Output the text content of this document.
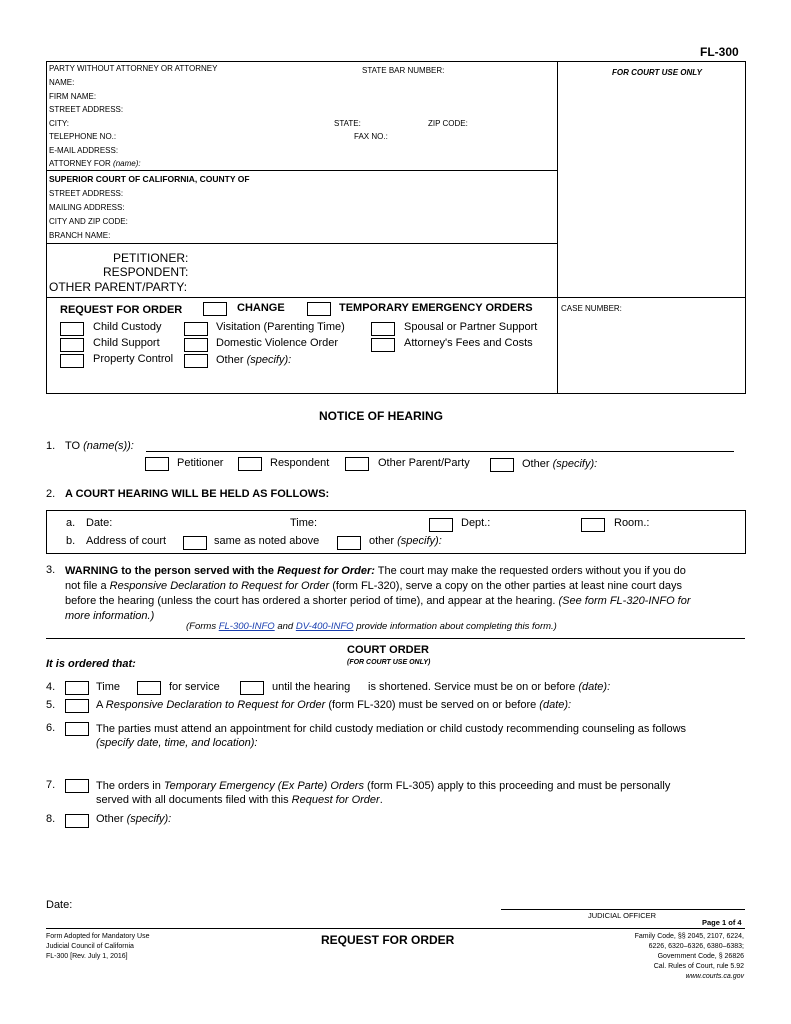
FL-300
PARTY WITHOUT ATTORNEY OR ATTORNEY	STATE BAR NUMBER:	FOR COURT USE ONLY
NAME:
FIRM NAME:
STREET ADDRESS:
CITY:	STATE:	ZIP CODE:
TELEPHONE NO.:	FAX NO.:
E-MAIL ADDRESS:
ATTORNEY FOR (name):
SUPERIOR COURT OF CALIFORNIA, COUNTY OF
STREET ADDRESS:
MAILING ADDRESS:
CITY AND ZIP CODE:
BRANCH NAME:
PETITIONER:
RESPONDENT:
OTHER PARENT/PARTY:
REQUEST FOR ORDER	CHANGE	TEMPORARY EMERGENCY ORDERS	CASE NUMBER:
Child Custody	Visitation (Parenting Time)	Spousal or Partner Support
Child Support	Domestic Violence Order	Attorney's Fees and Costs
Property Control	Other (specify):
NOTICE OF HEARING
1. TO (name(s)):
Petitioner	Respondent	Other Parent/Party	Other (specify):
2. A COURT HEARING WILL BE HELD AS FOLLOWS:
a. Date:	Time:	Dept.:	Room.:
b. Address of court	same as noted above	other (specify):
3. WARNING to the person served with the Request for Order: The court may make the requested orders without you if you do
not file a Responsive Declaration to Request for Order (form FL-320), serve a copy on the other parties at least nine court days
before the hearing (unless the court has ordered a shorter period of time), and appear at the hearing. (See form FL-320-INFO for
more information.)
(Forms FL-300-INFO and DV-400-INFO provide information about completing this form.)
COURT ORDER
(FOR COURT USE ONLY)
It is ordered that:
4.	Time	for service	until the hearing is shortened. Service must be on or before (date):
5.	A Responsive Declaration to Request for Order (form FL-320) must be served on or before (date):
6.	The parties must attend an appointment for child custody mediation or child custody recommending counseling as follows
(specify date, time, and location):
7.	The orders in Temporary Emergency (Ex Parte) Orders (form FL-305) apply to this proceeding and must be personally
served with all documents filed with this Request for Order.
8.	Other (specify):
Date:
JUDICIAL OFFICER
Page 1 of 4
Form Adopted for Mandatory Use
Judicial Council of California
FL-300 [Rev. July 1, 2016]
REQUEST FOR ORDER	Family Code, §§ 2045, 2107, 6224,
6226, 6320–6326, 6380–6383;
Government Code, § 26826
Cal. Rules of Court, rule 5.92
www.courts.ca.gov
